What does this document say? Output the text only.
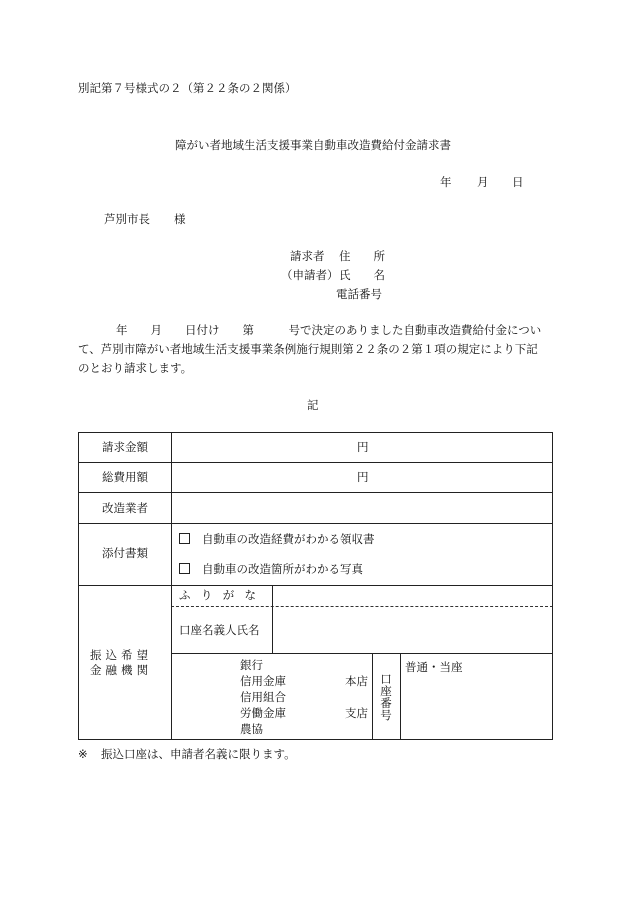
別記第７号様式の２（第２２条の２関係）
障がい者地域生活支援事業自動車改造費給付金請求書
年 月 日
芦別市長 様
請求者 住　　所
（申請者） 氏　　名
電話番号
年　　月　　日付け　　第　　　号で決定のありました自動車改造費給付金につい
て、芦別市障がい者地域生活支援事業条例施行規則第２２条の２第１項の規定により下記
のとおり請求します。
記
請求金額	円
総費用額	円
改造業者
添付書類
自動車の改造経費がわかる領収書
自動車の改造箇所がわかる写真
振込希望
金融機関
ふりがな
口座名義人氏名
銀行
信用金庫
信用組合
労働金庫
農協
本店
支店
口
座
番
号
普通・当座
※ 振込口座は、申請者名義に限ります。
